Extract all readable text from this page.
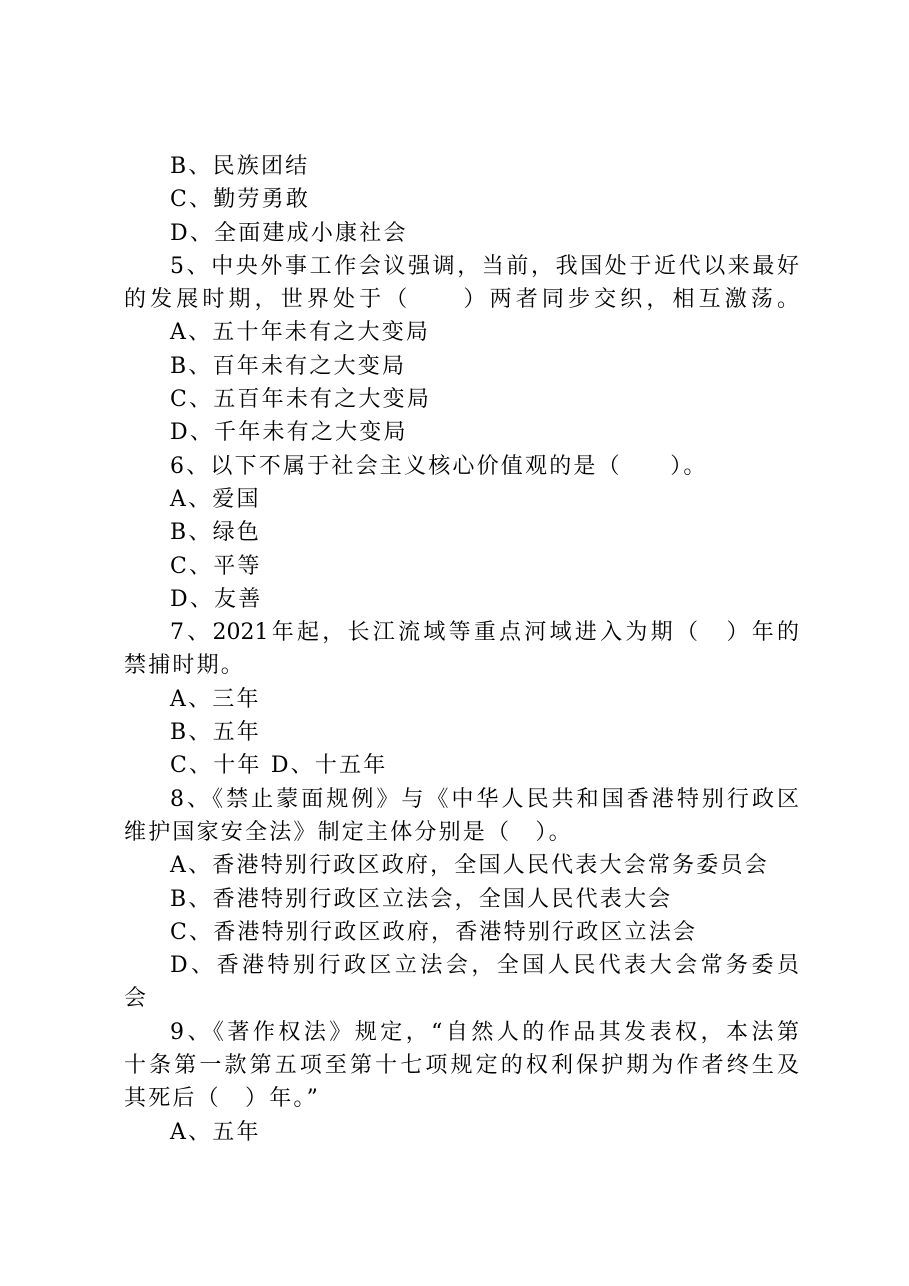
B、民族团结
C、勤劳勇敢
D、全面建成小康社会
5、中央外事工作会议强调，当前，我国处于近代以来最好
的发展时期，世界处于（　　）两者同步交织，相互激荡。
A、五十年未有之大变局
B、百年未有之大变局
C、五百年未有之大变局
D、千年未有之大变局
6、以下不属于社会主义核心价值观的是（　　）。
A、爱国
B、绿色
C、平等
D、友善
7、2021年起，长江流域等重点河域进入为期（　）年的
禁捕时期。
A、三年
B、五年
C、十年 D、十五年
8、《禁止蒙面规例》与《中华人民共和国香港特别行政区
维护国家安全法》制定主体分别是（　）。
A、香港特别行政区政府，全国人民代表大会常务委员会
B、香港特别行政区立法会，全国人民代表大会
C、香港特别行政区政府，香港特别行政区立法会
D、香港特别行政区立法会，全国人民代表大会常务委员
会
9、《著作权法》规定，“自然人的作品其发表权，本法第
十条第一款第五项至第十七项规定的权利保护期为作者终生及
其死后（　）年。”
A、五年
